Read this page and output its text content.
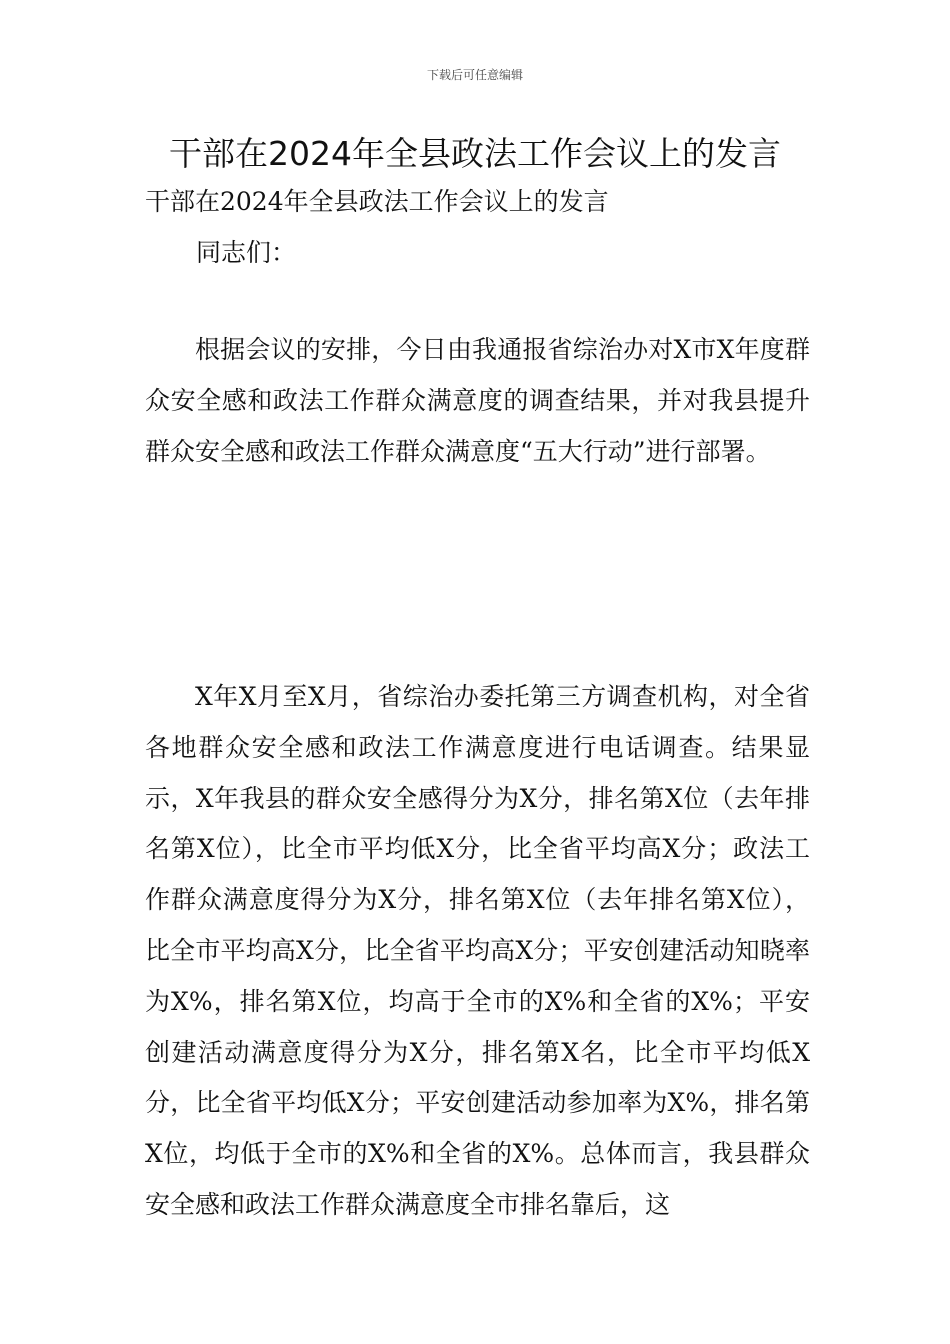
下载后可任意编辑
干部在2024年全县政法工作会议上的发言
干部在2024年全县政法工作会议上的发言
同志们：

根据会议的安排，今日由我通报省综治办对X市X年度群众安全感和政法工作群众满意度的调查结果，并对我县提升群众安全感和政法工作群众满意度“五大行动”进行部署。

X年X月至X月，省综治办委托第三方调查机构，对全省各地群众安全感和政法工作满意度进行电话调查。结果显示，X年我县的群众安全感得分为X分，排名第X位（去年排名第X位），比全市平均低X分，比全省平均高X分；政法工作群众满意度得分为X分，排名第X位（去年排名第X位），比全市平均高X分，比全省平均高X分；平安创建活动知晓率为X%，排名第X位，均高于全市的X%和全省的X%；平安创建活动满意度得分为X分，排名第X名，比全市平均低X分，比全省平均低X分；平安创建活动参加率为X%，排名第X位，均低于全市的X%和全省的X%。总体而言，我县群众安全感和政法工作群众满意度全市排名靠后，这
